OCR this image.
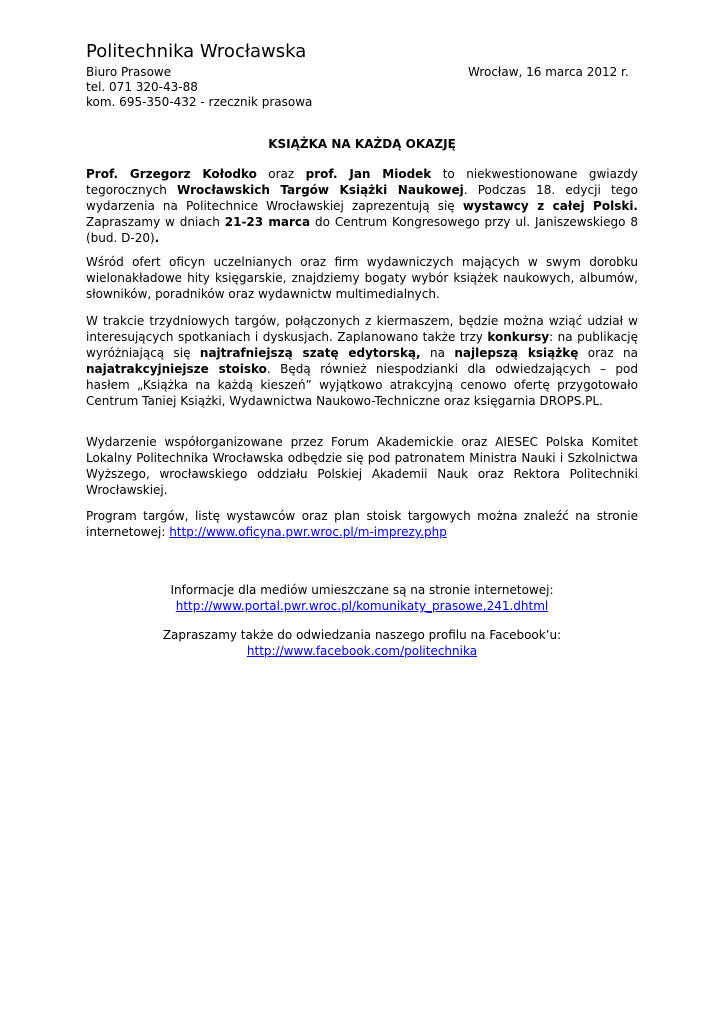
Politechnika Wrocławska
Biuro Prasowe
tel. 071 320-43-88
kom. 695-350-432 - rzecznik prasowa
Wrocław, 16 marca 2012 r.
KSIĄŻKA NA KAŻDĄ OKAZJĘ
Prof. Grzegorz Kołodko oraz prof. Jan Miodek to niekwestionowane gwiazdy tegorocznych Wrocławskich Targów Książki Naukowej. Podczas 18. edycji tego wydarzenia na Politechnice Wrocławskiej zaprezentują się wystawcy z całej Polski. Zapraszamy w dniach 21-23 marca do Centrum Kongresowego przy ul. Janiszewskiego 8 (bud. D-20).
Wśród ofert oficyn uczelnianych oraz firm wydawniczych mających w swym dorobku wielonakładowe hity księgarskie, znajdziemy bogaty wybór książek naukowych, albumów, słowników, poradników oraz wydawnictw multimedialnych.
W trakcie trzydniowych targów, połączonych z kiermaszem, będzie można wziąć udział w interesujących spotkaniach i dyskusjach. Zaplanowano także trzy konkursy: na publikację wyróżniającą się najtrafniejszą szatę edytorską, na najlepszą książkę oraz na najatrakcyjniejsze stoisko. Będą również niespodzianki dla odwiedzających – pod hasłem „Książka na każdą kieszeń” wyjątkowo atrakcyjną cenowo ofertę przygotowało Centrum Taniej Książki, Wydawnictwa Naukowo-Techniczne oraz księgarnia DROPS.PL.
Wydarzenie współorganizowane przez Forum Akademickie oraz AIESEC Polska Komitet Lokalny Politechnika Wrocławska odbędzie się pod patronatem Ministra Nauki i Szkolnictwa Wyższego, wrocławskiego oddziału Polskiej Akademii Nauk oraz Rektora Politechniki Wrocławskiej.
Program targów, listę wystawców oraz plan stoisk targowych można znaleźć na stronie internetowej: http://www.oficyna.pwr.wroc.pl/m-imprezy.php
Informacje dla mediów umieszczane są na stronie internetowej:
http://www.portal.pwr.wroc.pl/komunikaty_prasowe,241.dhtml
Zapraszamy także do odwiedzania naszego profilu na Facebook’u:
http://www.facebook.com/politechnika
